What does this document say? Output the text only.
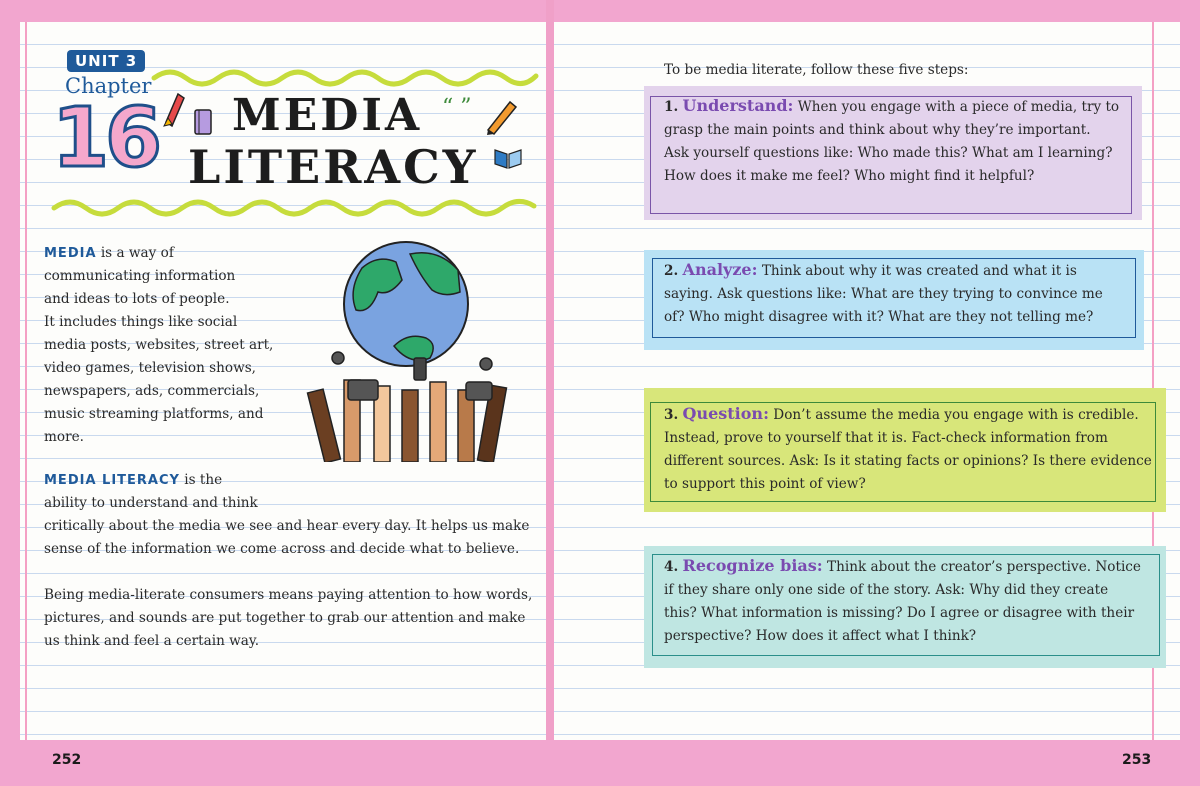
UNIT 3
Chapter
16 MEDIA
LITERACY
“ ”
MEDIA is a way of
communicating information
and ideas to lots of people.
It includes things like social
media posts, websites, street art,
video games, television shows,
newspapers, ads, commercials,
music streaming platforms, and
more.
MEDIA LITERACY is the
ability to understand and think
critically about the media we see and hear every day. It helps us make
sense of the information we come across and decide what to believe.
Being media-literate consumers means paying attention to how words,
pictures, and sounds are put together to grab our attention and make
us think and feel a certain way.
To be media literate, follow these five steps:
1. Understand: When you engage with a piece of media, try to
grasp the main points and think about why they’re important.
Ask yourself questions like: Who made this? What am I learning?
How does it make me feel? Who might find it helpful?
2. Analyze: Think about why it was created and what it is
saying. Ask questions like: What are they trying to convince me
of? Who might disagree with it? What are they not telling me?
3. Question: Don’t assume the media you engage with is credible.
Instead, prove to yourself that it is. Fact-check information from
different sources. Ask: Is it stating facts or opinions? Is there evidence
to support this point of view?
4. Recognize bias: Think about the creator’s perspective. Notice
if they share only one side of the story. Ask: Why did they create
this? What information is missing? Do I agree or disagree with their
perspective? How does it affect what I think?
252	253
